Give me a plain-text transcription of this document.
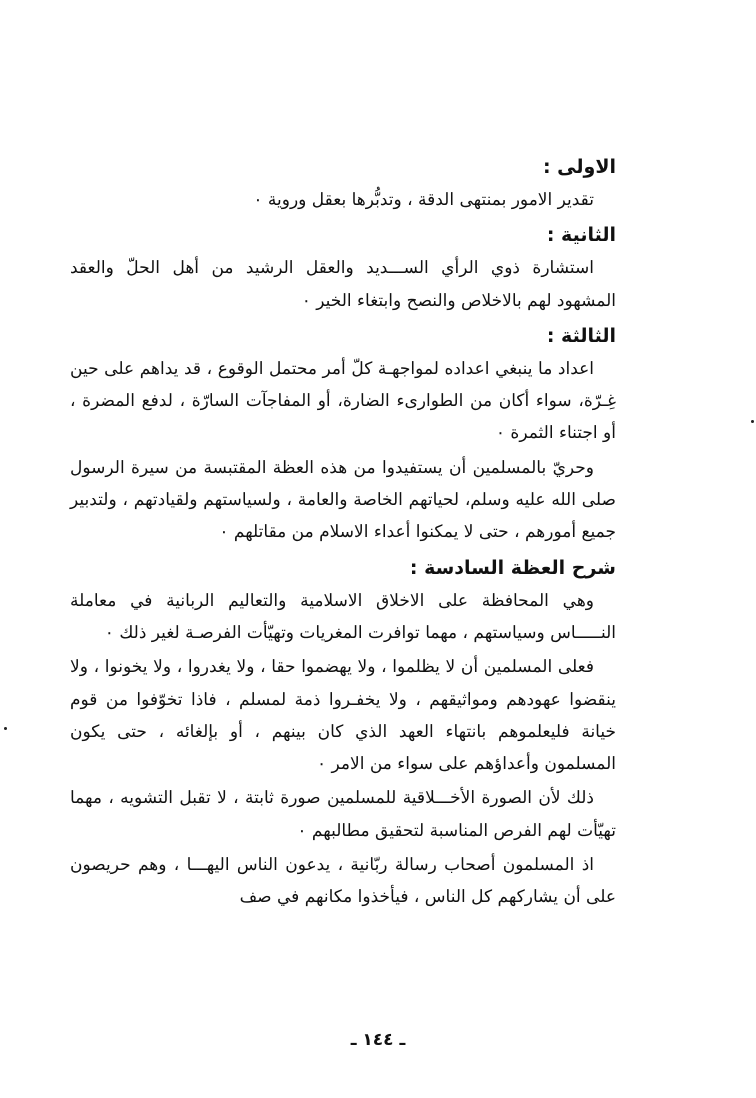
الاولى :

تقدير الامور بمنتهى الدقة ، وتدبُّرها بعقل وروية ٠

الثانية :

استشارة ذوي الرأي الســـديد والعقل الرشيد من أهل الحلّ والعقد المشهود لهم بالاخلاص والنصح وابتغاء الخير ٠

الثالثة :

اعداد ما ينبغي اعداده لمواجهـة كلّ أمر محتمل الوقوع ، قد يداهم على حين غِـرّة، سواء أكان من الطوارىء الضارة، أو المفاجآت السارّة ، لدفع المضرة ، أو اجتناء الثمرة ٠

وحريّ بالمسلمين أن يستفيدوا من هذه العظة المقتبسة من سيرة الرسول صلى الله عليه وسلم، لحياتهم الخاصة والعامة ، ولسياستهم ولقيادتهم ، ولتدبير جميع أمورهم ، حتى لا يمكنوا أعداء الاسلام من مقاتلهم ٠

شرح العظة السادسة :

وهي المحافظة على الاخلاق الاسلامية والتعاليم الربانية في معاملة النـــــاس وسياستهم ، مهما توافرت المغريات وتهيّأت الفرصـة لغير ذلك ٠

فعلى المسلمين أن لا يظلموا ، ولا يهضموا حقا ، ولا يغدروا ، ولا يخونوا ، ولا ينقضوا عهودهم ومواثيقهم ، ولا يخفـروا ذمة لمسلم ، فاذا تخوّفوا من قوم خيانة فليعلموهم بانتهاء العهد الذي كان بينهم ، أو بإلغائه ، حتى يكون المسلمون وأعداؤهم على سواء من الامر ٠

ذلك لأن الصورة الأخـــلاقية للمسلمين صورة ثابتة ، لا تقبل التشويه ، مهما تهيّأت لهم الفرص المناسبة لتحقيق مطالبهم ٠

اذ المسلمون أصحاب رسالة ربّانية ، يدعون الناس اليهـــا ، وهم حريصون على أن يشاركهم كل الناس ، فيأخذوا مكانهم في صف

ـ ١٤٤ ـ
